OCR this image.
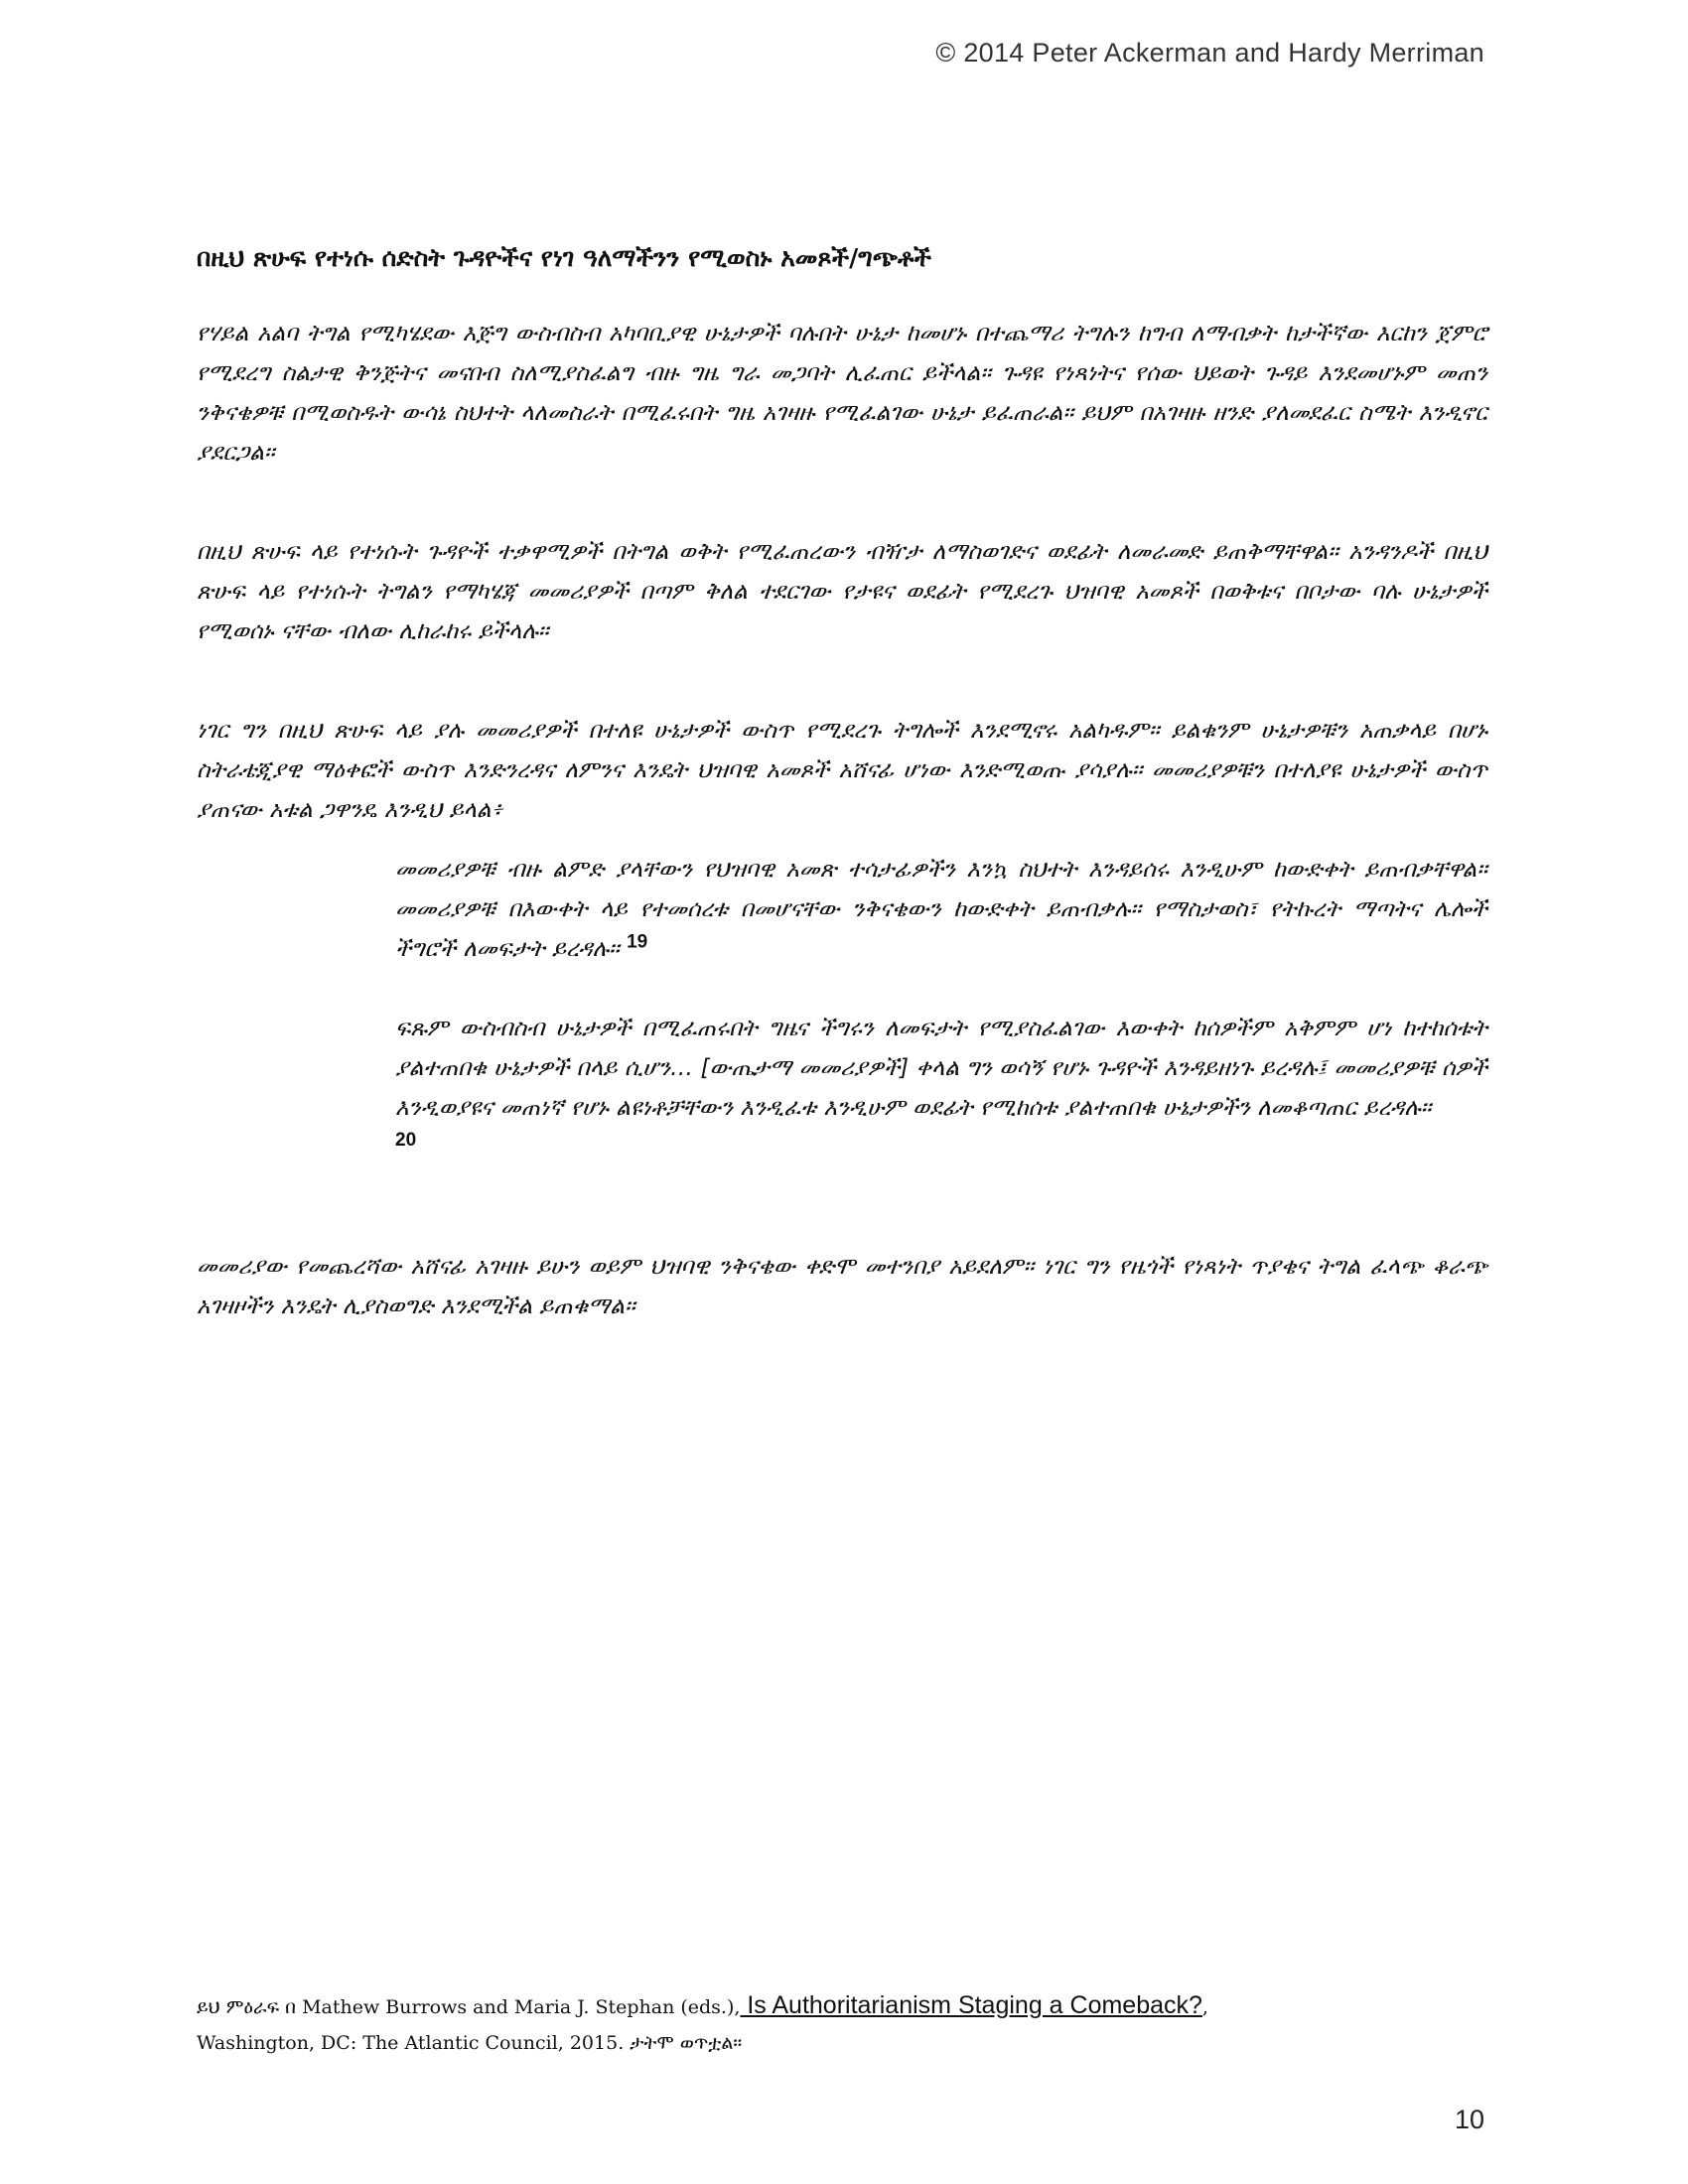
© 2014 Peter Ackerman and Hardy Merriman
በዚህ ጽሁፍ የተነሱ ሰድስት ጉዳዮችና የነገ ዓለማችንን የሚወስኑ አመጾች/ግጭቶች

የሃይል አልባ ትግል የሚካሄደው እጅግ ውስብስብ አካባቢያዊ ሁኔታዎች ባሉበት ሁኔታ ከመሆኑ በተጨማሪ ትግሉን ከግብ ለማብቃት ከታችኛው እርከን ጀምሮ የሚደረግ ስልታዊ ቅንጅትና መናበብ ስለሚያስፈልግ ብዙ ግዜ ግራ መጋባት ሊፈጠር ይችላል። ጉዳዩ የነጻነትና የሰው ህይወት ጉዳይ እንደመሆኑም መጠን ንቅናቄዎቹ በሚወስዱት ውሳኔ ስህተት ላለመስራት በሚፈሩበት ግዜ አገዛዙ የሚፈልገው ሁኔታ ይፈጠራል። ይህም በአገዛዙ ዘንድ ያለመደፈር ስሜት እንዲኖር ያደርጋል።

በዚህ ጽሁፍ ላይ የተነሱት ጉዳዮች ተቃዋሚዎች በትግል ወቅት የሚፈጠረውን ብዥታ ለማስወገድና ወደፊት ለመራመድ ይጠቅማቸዋል። አንዳንዶች በዚህ ጽሁፍ ላይ የተነሱት ትግልን የማካሄጃ መመሪያዎች በጣም ቅለል ተደርገው የታዩና ወደፊት የሚደረጉ ህዝባዊ አመጾች በወቅቱና በቦታው ባሉ ሁኔታዎች የሚወሰኑ ናቸው ብለው ሊከራከሩ ይችላሉ።

ነገር ግን በዚህ ጽሁፍ ላይ ያሉ መመሪያዎች በተለዩ ሁኔታዎች ውስጥ የሚደረጉ ትግሎች እንደሚኖሩ አልካዱም። ይልቁንም ሁኔታዎቹን አጠቃላይ በሆኑ ስትራቴጂያዊ ማዕቀፎች ውስጥ እንድንረዳና ለምንና እንዴት ህዝባዊ አመጾች አሸናፊ ሆነው እንድሚወጡ ያሳያሉ። መመሪያዎቹን በተለያዩ ሁኔታዎች ውስጥ ያጠናው አቱል ጋዋንዴ እንዲህ ይላል፥

መመሪያዎቹ ብዙ ልምድ ያላቸውን የህዝባዊ አመጽ ተሳታፊዎችን እንኳ ስህተት እንዳይሰሩ እንዲሁም ከውድቀት ይጠብቃቸዋል። መመሪያዎቹ በእውቀት ላይ የተመሰረቱ በመሆናቸው ንቅናቄውን ከውድቀት ይጠብቃሉ። የማስታወስ፣ የትኩረት ማጣትና ሌሎች ችግሮች ለመፍታት ይረዳሉ። $^{19}$

ፍጹም ውስብስብ ሁኔታዎች በሚፈጠሩበት ግዜና ችግሩን ለመፍታት የሚያስፈልገው እውቀት ከሰዎችም አቅምም ሆነ ከተከሰቱት ያልተጠበቁ ሁኔታዎች በላይ ሲሆን… [ውጤታማ መመሪያዎች] ቀላል ግን ወሳኝ የሆኑ ጉዳዮች እንዳይዘነጉ ይረዳሉ፤ መመሪያዎቹ ሰዎች እንዲወያዩና መጠነኛ የሆኑ ልዩነቶቻቸውን እንዲፈቱ እንዲሁም ወደፊት የሚከሰቱ ያልተጠበቁ ሁኔታዎችን ለመቆጣጠር ይረዳሉ።
20

መመሪያው የመጨረሻው አሸናፊ አገዛዙ ይሁን ወይም ህዝባዊ ንቅናቄው ቀድሞ መተንበያ አይደለም። ነገር ግን የዜጎች የነጻነት ጥያቄና ትግል ፈላጭ ቆራጭ አገዛዞችን እንዴት ሊያስወግድ እንደሚችል ይጠቁማል።

ይህ ምዕራፍ በ Mathew Burrows and Maria J. Stephan (eds.), Is Authoritarianism Staging a Comeback?,
Washington, DC: The Atlantic Council, 2015. ታትሞ ወጥቷል።
10
